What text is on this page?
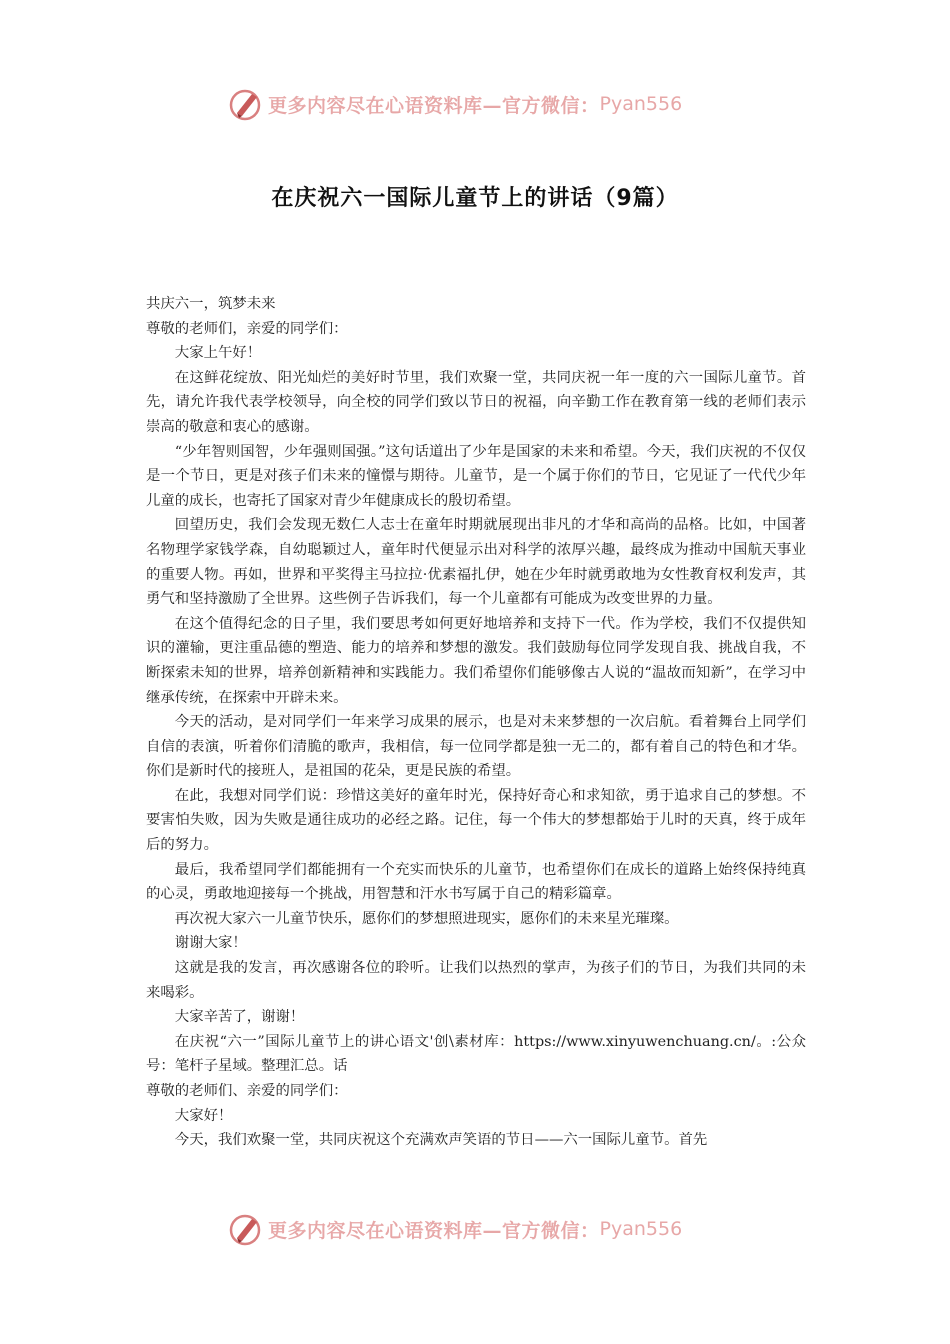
更多内容尽在心语资料库—官方微信： Pyan556
在庆祝六一国际儿童节上的讲话（9篇）

共庆六一，筑梦未来

尊敬的老师们，亲爱的同学们：

大家上午好！

在这鲜花绽放、阳光灿烂的美好时节里，我们欢聚一堂，共同庆祝一年一度的六一国际儿童节。首先，请允许我代表学校领导，向全校的同学们致以节日的祝福，向辛勤工作在教育第一线的老师们表示崇高的敬意和衷心的感谢。

“少年智则国智，少年强则国强。”这句话道出了少年是国家的未来和希望。今天，我们庆祝的不仅仅是一个节日，更是对孩子们未来的憧憬与期待。儿童节，是一个属于你们的节日，它见证了一代代少年儿童的成长，也寄托了国家对青少年健康成长的殷切希望。

回望历史，我们会发现无数仁人志士在童年时期就展现出非凡的才华和高尚的品格。比如，中国著名物理学家钱学森，自幼聪颖过人，童年时代便显示出对科学的浓厚兴趣，最终成为推动中国航天事业的重要人物。再如，世界和平奖得主马拉拉·优素福扎伊，她在少年时就勇敢地为女性教育权利发声，其勇气和坚持激励了全世界。这些例子告诉我们，每一个儿童都有可能成为改变世界的力量。

在这个值得纪念的日子里，我们要思考如何更好地培养和支持下一代。作为学校，我们不仅提供知识的灌输，更注重品德的塑造、能力的培养和梦想的激发。我们鼓励每位同学发现自我、挑战自我，不断探索未知的世界，培养创新精神和实践能力。我们希望你们能够像古人说的“温故而知新”，在学习中继承传统，在探索中开辟未来。

今天的活动，是对同学们一年来学习成果的展示，也是对未来梦想的一次启航。看着舞台上同学们自信的表演，听着你们清脆的歌声，我相信，每一位同学都是独一无二的，都有着自己的特色和才华。你们是新时代的接班人，是祖国的花朵，更是民族的希望。

在此，我想对同学们说：珍惜这美好的童年时光，保持好奇心和求知欲，勇于追求自己的梦想。不要害怕失败，因为失败是通往成功的必经之路。记住，每一个伟大的梦想都始于儿时的天真，终于成年后的努力。

最后，我希望同学们都能拥有一个充实而快乐的儿童节，也希望你们在成长的道路上始终保持纯真的心灵，勇敢地迎接每一个挑战，用智慧和汗水书写属于自己的精彩篇章。

再次祝大家六一儿童节快乐，愿你们的梦想照进现实，愿你们的未来星光璀璨。

谢谢大家！

这就是我的发言，再次感谢各位的聆听。让我们以热烈的掌声，为孩子们的节日，为我们共同的未来喝彩。

大家辛苦了，谢谢！

在庆祝“六一”国际儿童节上的讲心语文'创\素材库：https://www.xinyuwenchuang.cn/。:公众号：笔杆子星域。整理汇总。话

尊敬的老师们、亲爱的同学们：

大家好！

今天，我们欢聚一堂，共同庆祝这个充满欢声笑语的节日——六一国际儿童节。首先

更多内容尽在心语资料库—官方微信： Pyan556
